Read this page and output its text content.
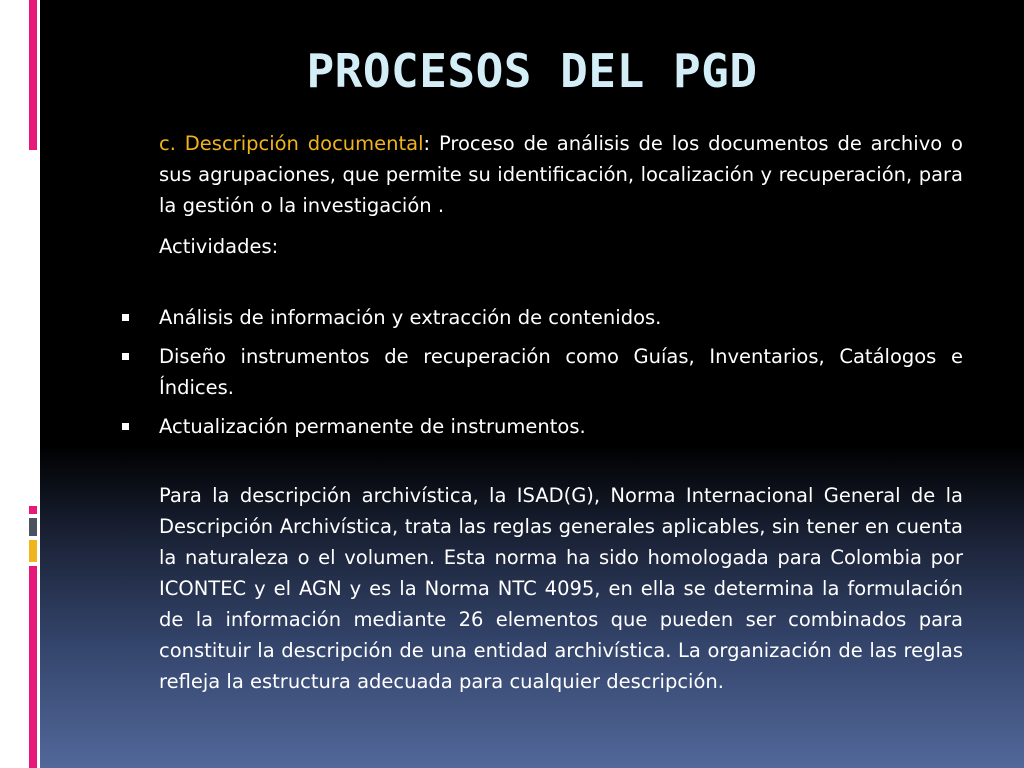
PROCESOS DEL PGD

c. Descripción documental: Proceso de análisis de los documentos de archivo o sus agrupaciones, que permite su identificación, localización y recuperación, para la gestión o la investigación .

Actividades:

Análisis de información y extracción de contenidos.
Diseño instrumentos de recuperación como Guías, Inventarios, Catálogos e Índices.
Actualización permanente de instrumentos.

Para la descripción archivística, la ISAD(G), Norma Internacional General de la Descripción Archivística, trata las reglas generales aplicables, sin tener en cuenta la naturaleza o el volumen. Esta norma ha sido homologada para Colombia por ICONTEC y el AGN y es la Norma NTC 4095, en ella se determina la formulación de la información mediante 26 elementos que pueden ser combinados para constituir la descripción de una entidad archivística. La organización de las reglas refleja la estructura adecuada para cualquier descripción.
